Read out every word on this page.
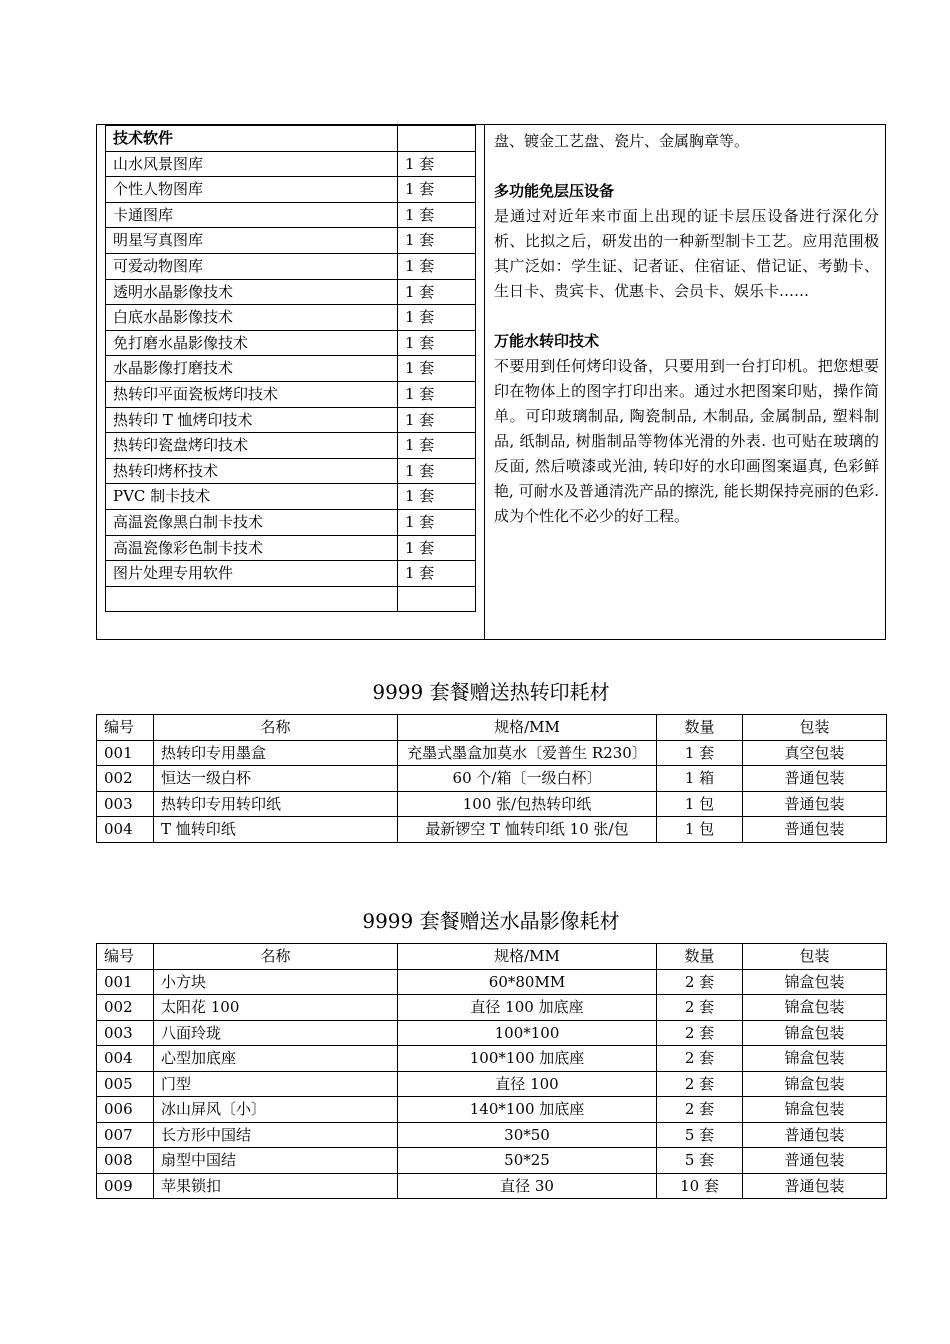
技术软件	
山水风景图库	1 套
个性人物图库	1 套
卡通图库	1 套
明星写真图库	1 套
可爱动物图库	1 套
透明水晶影像技术	1 套
白底水晶影像技术	1 套
免打磨水晶影像技术	1 套
水晶影像打磨技术	1 套
热转印平面瓷板烤印技术	1 套
热转印 T 恤烤印技术	1 套
热转印瓷盘烤印技术	1 套
热转印烤杯技术	1 套
PVC 制卡技术	1 套
高温瓷像黑白制卡技术	1 套
高温瓷像彩色制卡技术	1 套
图片处理专用软件	1 套

盘、镀金工艺盘、瓷片、金属胸章等。

多功能免层压设备

是通过对近年来市面上出现的证卡层压设备进行深化分析、比拟之后，研发出的一种新型制卡工艺。应用范围极其广泛如：学生证、记者证、住宿证、借记证、考勤卡、生日卡、贵宾卡、优惠卡、会员卡、娱乐卡……

万能水转印技术

不要用到任何烤印设备，只要用到一台打印机。把您想要印在物体上的图字打印出来。通过水把图案印贴，操作简单。可印玻璃制品, 陶瓷制品, 木制品, 金属制品, 塑料制品, 纸制品, 树脂制品等物体光滑的外表. 也可贴在玻璃的反面, 然后喷漆或光油, 转印好的水印画图案逼真, 色彩鲜艳, 可耐水及普通清洗产品的擦洗, 能长期保持亮丽的色彩. 成为个性化不必少的好工程。

9999 套餐赠送热转印耗材
编号	名称	规格/MM	数量	包装
001	热转印专用墨盒	充墨式墨盒加莫水〔爱普生 R230〕	1 套	真空包装
002	恒达一级白杯	60 个/箱〔一级白杯〕	1 箱	普通包装
003	热转印专用转印纸	100 张/包热转印纸	1 包	普通包装
004	T 恤转印纸	最新锣空 T 恤转印纸 10 张/包	1 包	普通包装
9999 套餐赠送水晶影像耗材
编号	名称	规格/MM	数量	包装
001	小方块	60*80MM	2 套	锦盒包装
002	太阳花 100	直径 100 加底座	2 套	锦盒包装
003	八面玲珑	100*100	2 套	锦盒包装
004	心型加底座	100*100 加底座	2 套	锦盒包装
005	门型	直径 100	2 套	锦盒包装
006	冰山屏风〔小〕	140*100 加底座	2 套	锦盒包装
007	长方形中国结	30*50	5 套	普通包装
008	扇型中国结	50*25	5 套	普通包装
009	苹果锁扣	直径 30	10 套	普通包装
